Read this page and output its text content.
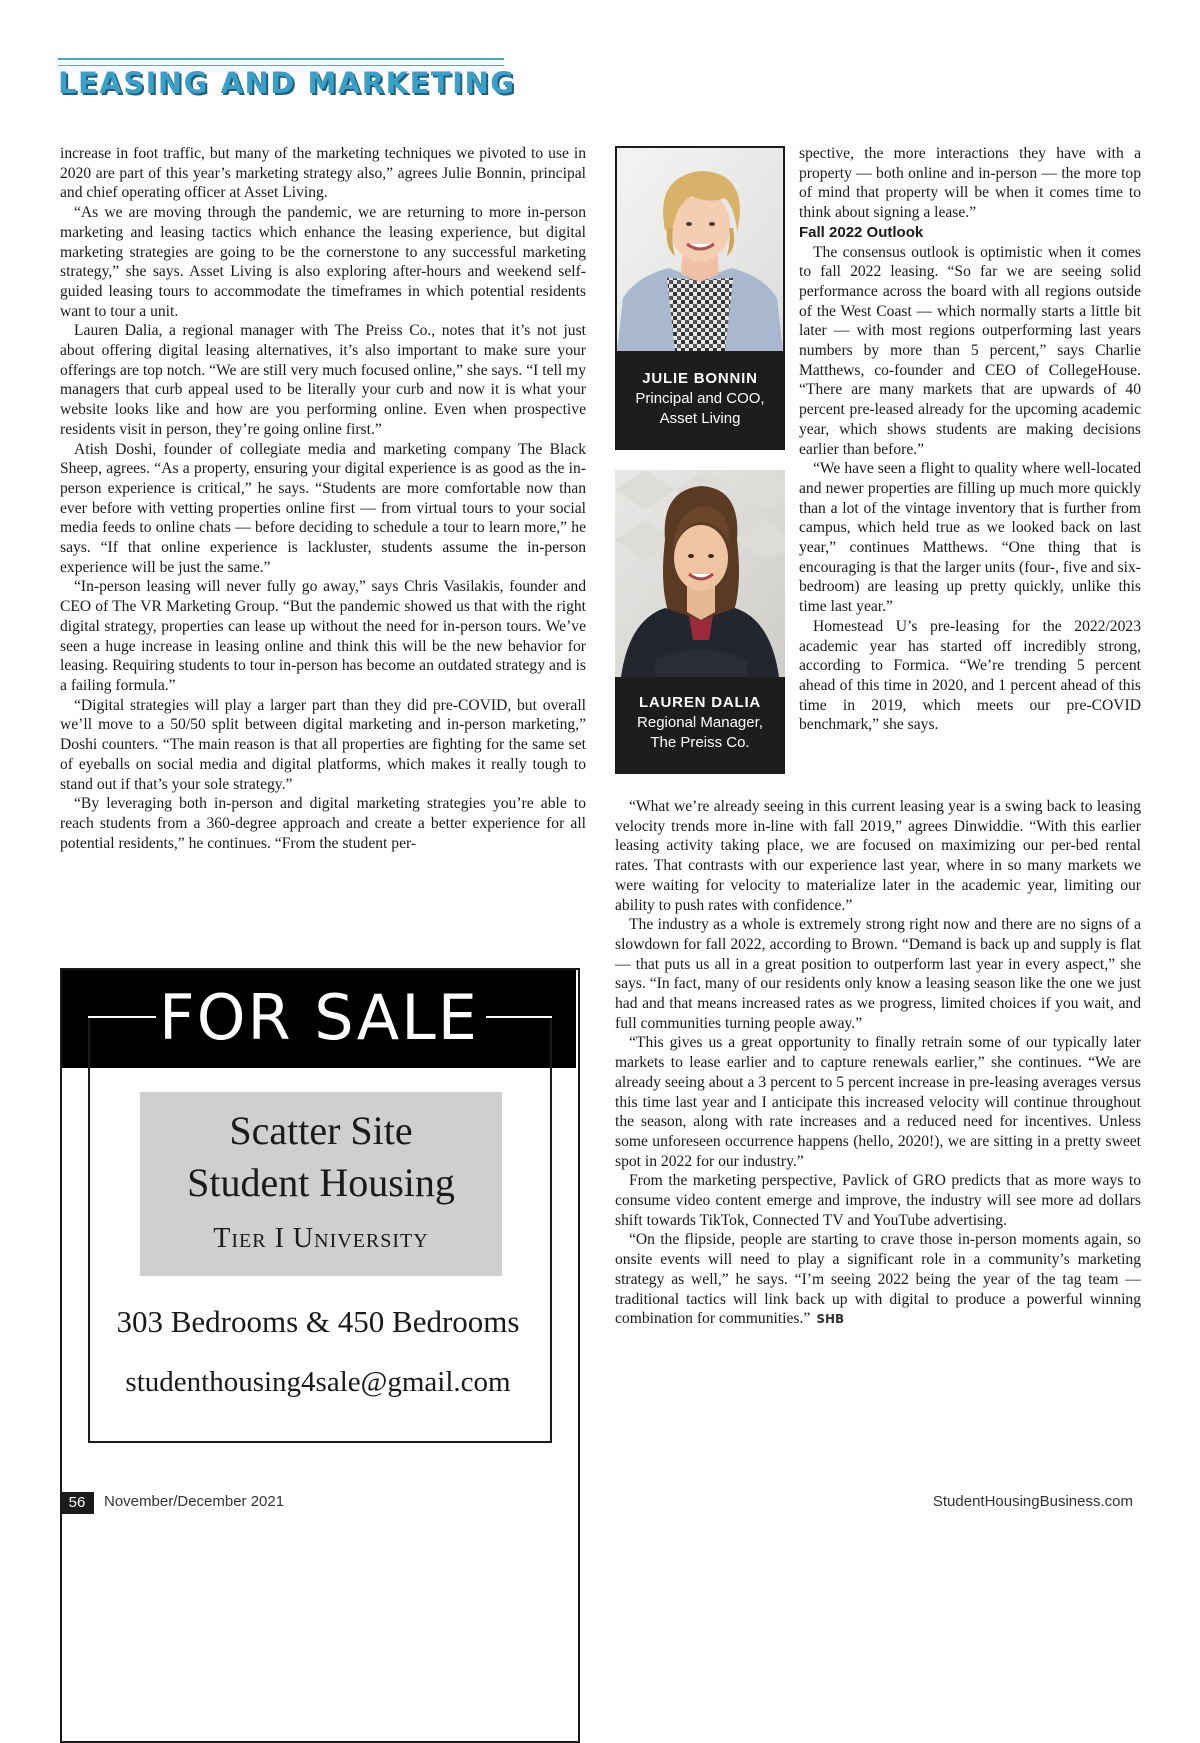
LEASING AND MARKETING

increase in foot traffic, but many of the marketing techniques we pivoted to use in 2020 are part of this year’s marketing strategy also,” agrees Julie Bonnin, principal and chief operating officer at Asset Living.

“As we are moving through the pandemic, we are returning to more in-person marketing and leasing tactics which enhance the leasing experience, but digital marketing strategies are going to be the cornerstone to any successful marketing strategy,” she says. Asset Living is also exploring after-hours and weekend self-guided leasing tours to accommodate the timeframes in which potential residents want to tour a unit.

Lauren Dalia, a regional manager with The Preiss Co., notes that it’s not just about offering digital leasing alternatives, it’s also important to make sure your offerings are top notch. “We are still very much focused online,” she says. “I tell my managers that curb appeal used to be literally your curb and now it is what your website looks like and how are you performing online. Even when prospective residents visit in person, they’re going online first.”

Atish Doshi, founder of collegiate media and marketing company The Black Sheep, agrees. “As a property, ensuring your digital experience is as good as the in-person experience is critical,” he says. “Students are more comfortable now than ever before with vetting properties online first — from virtual tours to your social media feeds to online chats — before deciding to schedule a tour to learn more,” he says. “If that online experience is lackluster, students assume the in-person experience will be just the same.”

“In-person leasing will never fully go away,” says Chris Vasilakis, founder and CEO of The VR Marketing Group. “But the pandemic showed us that with the right digital strategy, properties can lease up without the need for in-person tours. We’ve seen a huge increase in leasing online and think this will be the new behavior for leasing. Requiring students to tour in-person has become an outdated strategy and is a failing formula.”

“Digital strategies will play a larger part than they did pre-COVID, but overall we’ll move to a 50/50 split between digital marketing and in-person marketing,” Doshi counters. “The main reason is that all properties are fighting for the same set of eyeballs on social media and digital platforms, which makes it really tough to stand out if that’s your sole strategy.”

“By leveraging both in-person and digital marketing strategies you’re able to reach students from a 360-degree approach and create a better experience for all potential residents,” he continues. “From the student per-

JULIE BONNIN
Principal and COO,
Asset Living
LAUREN DALIA
Regional Manager,
The Preiss Co.

spective, the more interactions they have with a property — both online and in-person — the more top of mind that property will be when it comes time to think about signing a lease.”

Fall 2022 Outlook

The consensus outlook is optimistic when it comes to fall 2022 leasing. “So far we are seeing solid performance across the board with all regions outside of the West Coast — which normally starts a little bit later — with most regions outperforming last years numbers by more than 5 percent,” says Charlie Matthews, co-founder and CEO of CollegeHouse. “There are many markets that are upwards of 40 percent pre-leased already for the upcoming academic year, which shows students are making decisions earlier than before.”

“We have seen a flight to quality where well-located and newer properties are filling up much more quickly than a lot of the vintage inventory that is further from campus, which held true as we looked back on last year,” continues Matthews. “One thing that is encouraging is that the larger units (four-, five and six-bedroom) are leasing up pretty quickly, unlike this time last year.”

Homestead U’s pre-leasing for the 2022/2023 academic year has started off incredibly strong, according to Formica. “We’re trending 5 percent ahead of this time in 2020, and 1 percent ahead of this time in 2019, which meets our pre-COVID benchmark,” she says.

“What we’re already seeing in this current leasing year is a swing back to leasing velocity trends more in-line with fall 2019,” agrees Dinwiddie. “With this earlier leasing activity taking place, we are focused on maximizing our per-bed rental rates. That contrasts with our experience last year, where in so many markets we were waiting for velocity to materialize later in the academic year, limiting our ability to push rates with confidence.”

The industry as a whole is extremely strong right now and there are no signs of a slowdown for fall 2022, according to Brown. “Demand is back up and supply is flat — that puts us all in a great position to outperform last year in every aspect,” she says. “In fact, many of our residents only know a leasing season like the one we just had and that means increased rates as we progress, limited choices if you wait, and full communities turning people away.”

“This gives us a great opportunity to finally retrain some of our typically later markets to lease earlier and to capture renewals earlier,” she continues. “We are already seeing about a 3 percent to 5 percent increase in pre-leasing averages versus this time last year and I anticipate this increased velocity will continue throughout the season, along with rate increases and a reduced need for incentives. Unless some unforeseen occurrence happens (hello, 2020!), we are sitting in a pretty sweet spot in 2022 for our industry.”

From the marketing perspective, Pavlick of GRO predicts that as more ways to consume video content emerge and improve, the industry will see more ad dollars shift towards TikTok, Connected TV and YouTube advertising.

“On the flipside, people are starting to crave those in-person moments again, so onsite events will need to play a significant role in a community’s marketing strategy as well,” he says. “I’m seeing 2022 being the year of the tag team — traditional tactics will link back up with digital to produce a powerful winning combination for communities.” SHB

FOR SALE
Scatter Site
Student Housing
Tier I University
303 Bedrooms & 450 Bedrooms
studenthousing4sale@gmail.com
56	November/December 2021	StudentHousingBusiness.com
